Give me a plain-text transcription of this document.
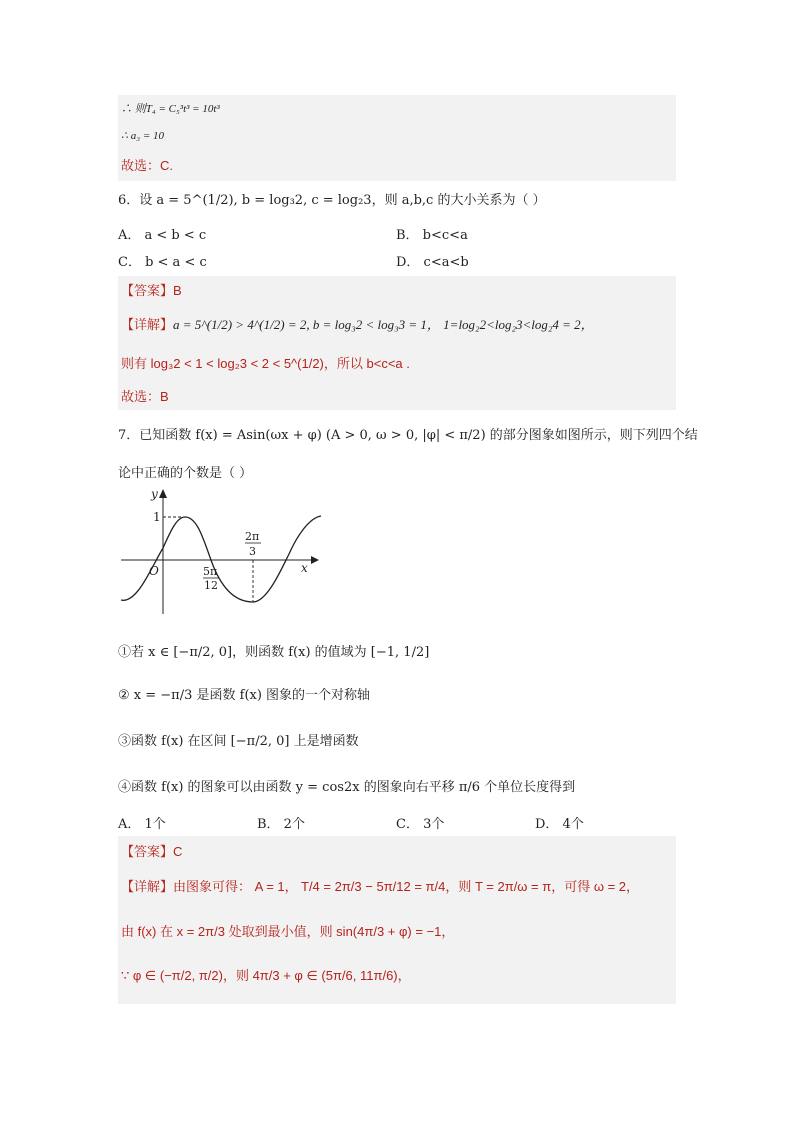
∴ 则T₄ = C₅³t³ = 10t³
∴ a₃ = 10
故选：C.
6．设 a = 5^(1/2), b = log₃2, c = log₂3，则 a,b,c 的大小关系为（ ）
A． a < b < c	B． b<c<a
C． b < a < c	D． c<a<b
【答案】B
【详解】a = 5^(1/2) > 4^(1/2) = 2, b = log₃2 < log₃3 = 1， 1=log₂2<log₂3<log₂4 = 2，
则有 log₃2 < 1 < log₂3 < 2 < 5^(1/2)，所以 b<c<a .
故选：B
7．已知函数 f(x) = Asin(ωx + φ) (A > 0, ω > 0, |φ| < π/2) 的部分图象如图所示，则下列四个结
论中正确的个数是（ ）
y
x
O
1
5π
12
2π
3
①若 x ∈ [−π/2, 0]，则函数 f(x) 的值域为 [−1, 1/2]
② x = −π/3 是函数 f(x) 图象的一个对称轴
③函数 f(x) 在区间 [−π/2, 0] 上是增函数
④函数 f(x) 的图象可以由函数 y = cos2x 的图象向右平移 π/6 个单位长度得到
A． 1个	B． 2个	C． 3个	D． 4个
【答案】C
【详解】由图象可得： A = 1， T/4 = 2π/3 − 5π/12 = π/4，则 T = 2π/ω = π，可得 ω = 2，
由 f(x) 在 x = 2π/3 处取到最小值，则 sin(4π/3 + φ) = −1，
∵ φ ∈ (−π/2, π/2)，则 4π/3 + φ ∈ (5π/6, 11π/6)，
